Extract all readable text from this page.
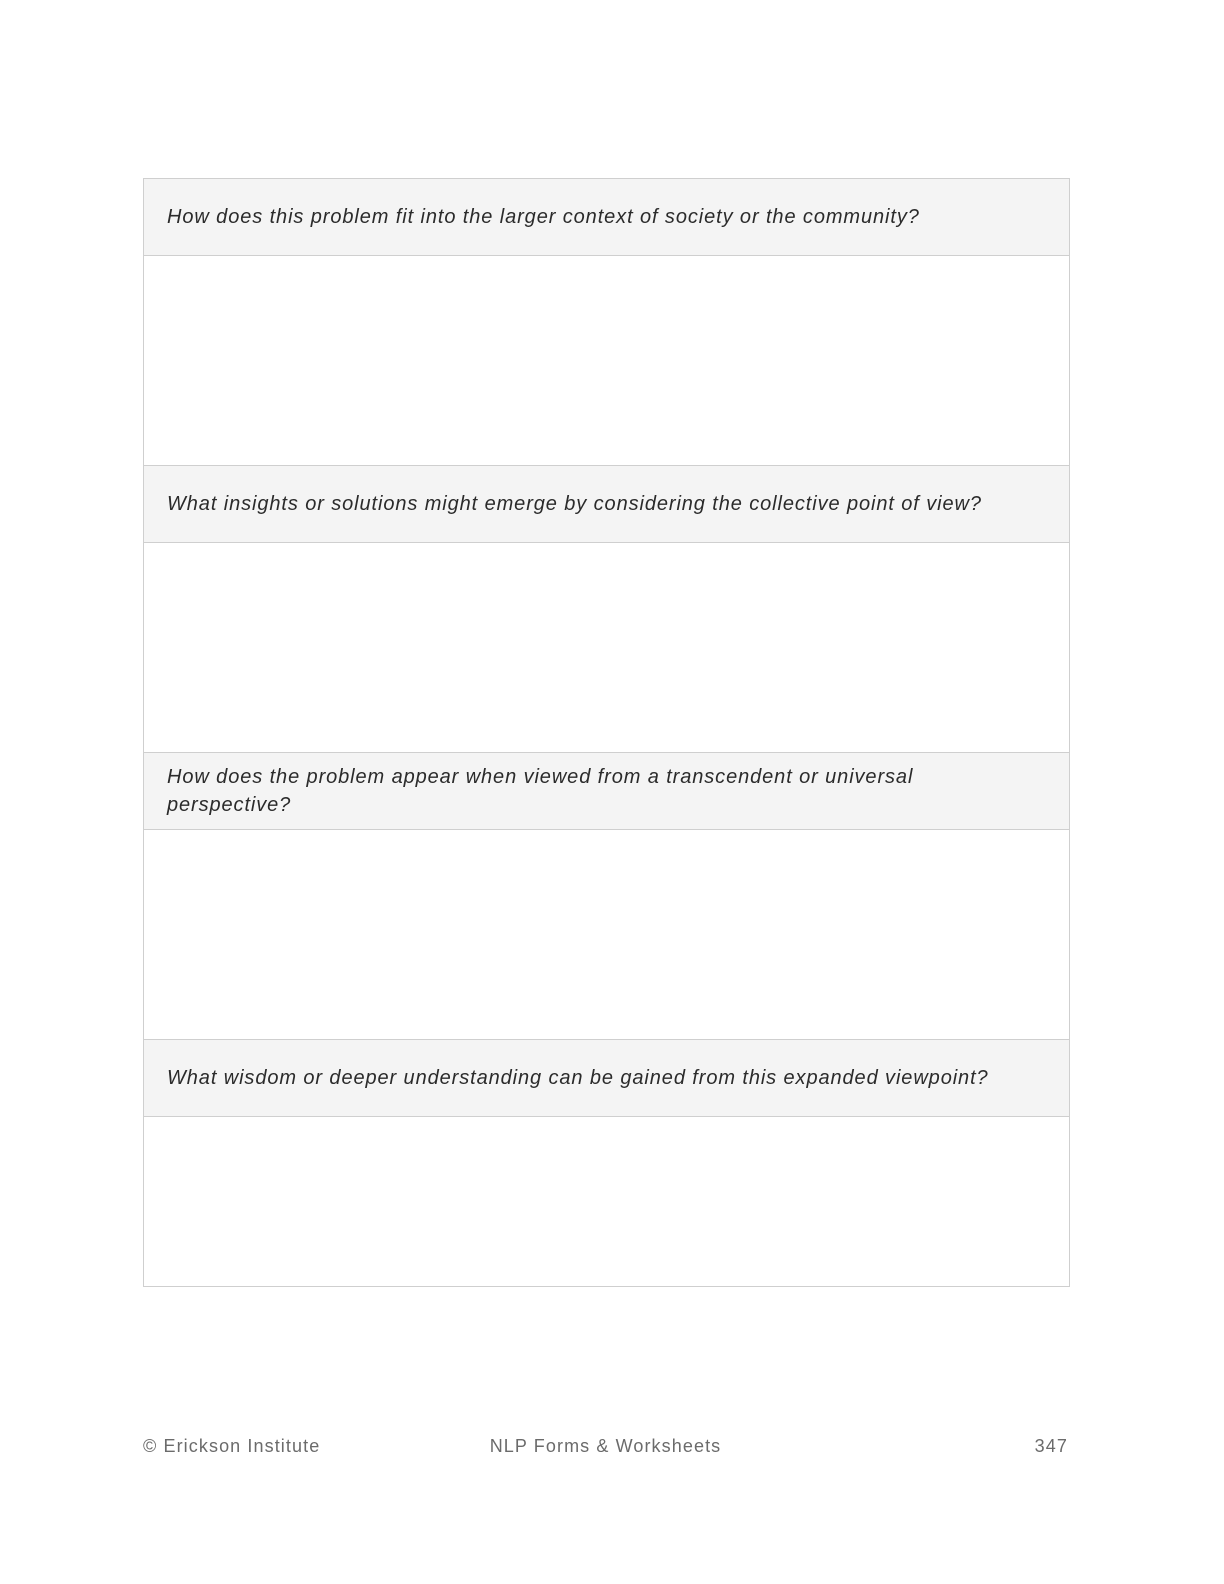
How does this problem fit into the larger context of society or the community?
What insights or solutions might emerge by considering the collective point of view?
How does the problem appear when viewed from a transcendent or universal perspective?
What wisdom or deeper understanding can be gained from this expanded viewpoint?
© Erickson Institute	NLP Forms & Worksheets	347
